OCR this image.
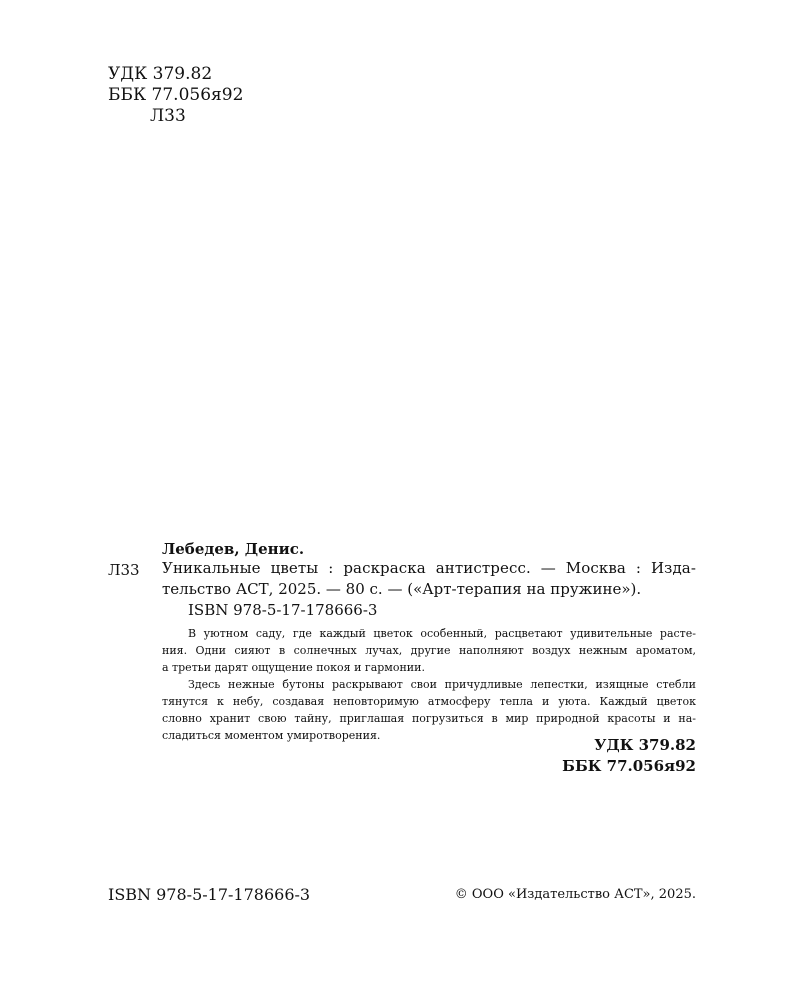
УДК 379.82
ББК 77.056я92
Л33
Лебедев, Денис.
Л33 Уникальные цветы : раскраска антистресс. — Москва : Изда-
тельство АСТ, 2025. — 80 с. — («Арт-терапия на пружине»).
ISBN 978-5-17-178666-3

В уютном саду, где каждый цветок особенный, расцветают удивительные расте-
ния. Одни сияют в солнечных лучах, другие наполняют воздух нежным ароматом,
а третьи дарят ощущение покоя и гармонии.

Здесь нежные бутоны раскрывают свои причудливые лепестки, изящные стебли
тянутся к небу, создавая неповторимую атмосферу тепла и уюта. Каждый цветок
словно хранит свою тайну, приглашая погрузиться в мир природной красоты и на-
сладиться моментом умиротворения.

УДК 379.82
ББК 77.056я92
ISBN 978-5-17-178666-3	© ООО «Издательство АСТ», 2025.
